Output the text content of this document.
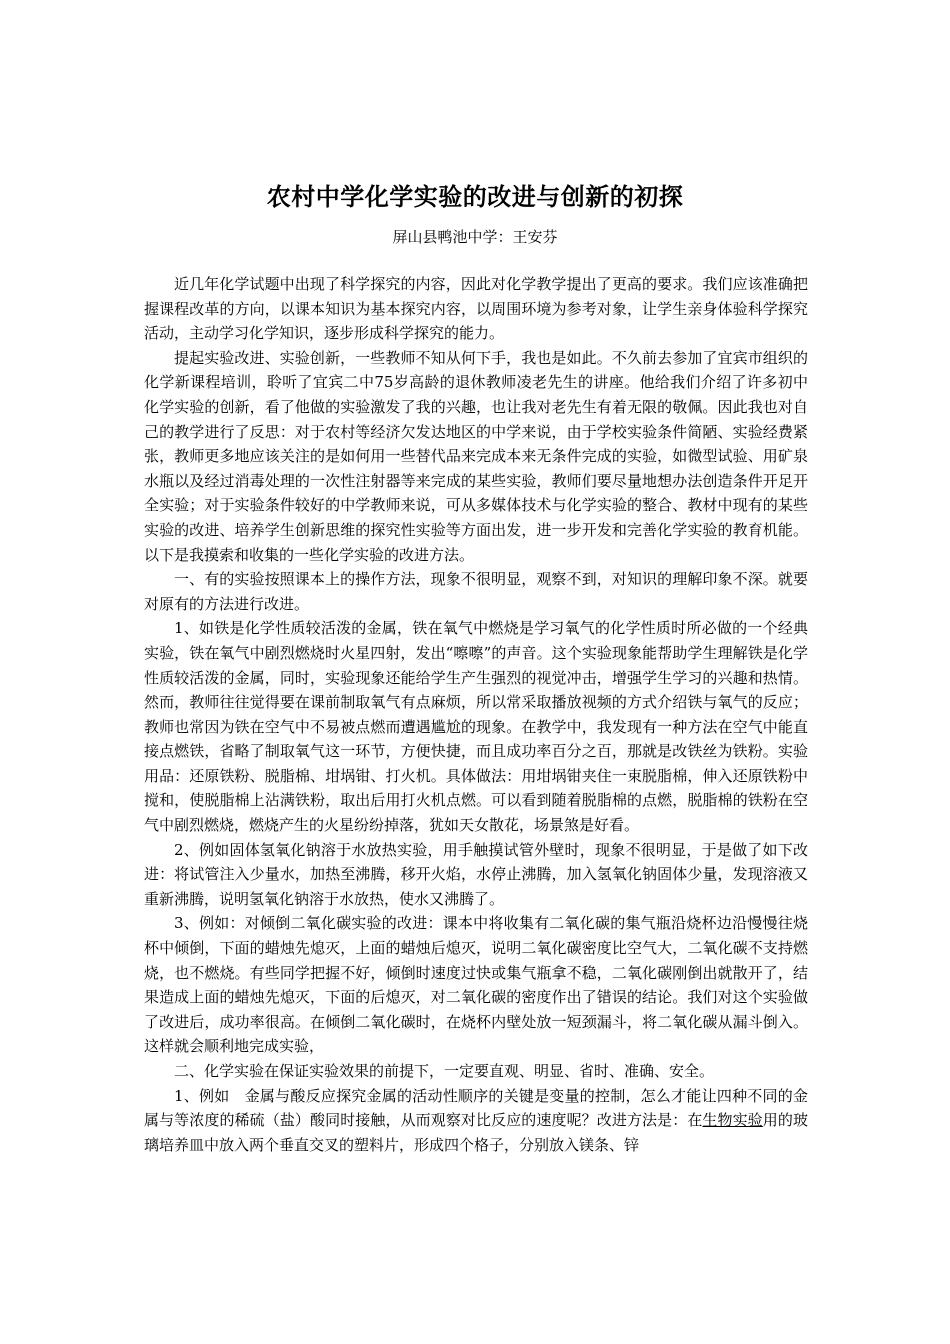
农村中学化学实验的改进与创新的初探
屏山县鸭池中学：王安芬

近几年化学试题中出现了科学探究的内容，因此对化学教学提出了更高的要求。我们应该准确把握课程改革的方向，以课本知识为基本探究内容，以周围环境为参考对象，让学生亲身体验科学探究活动，主动学习化学知识，逐步形成科学探究的能力。

提起实验改进、实验创新，一些教师不知从何下手，我也是如此。不久前去参加了宜宾市组织的化学新课程培训，聆听了宜宾二中75岁高龄的退休教师凌老先生的讲座。他给我们介绍了许多初中化学实验的创新，看了他做的实验激发了我的兴趣，也让我对老先生有着无限的敬佩。因此我也对自己的教学进行了反思：对于农村等经济欠发达地区的中学来说，由于学校实验条件简陋、实验经费紧张，教师更多地应该关注的是如何用一些替代品来完成本来无条件完成的实验，如微型试验、用矿泉水瓶以及经过消毒处理的一次性注射器等来完成的某些实验，教师们要尽量地想办法创造条件开足开全实验；对于实验条件较好的中学教师来说，可从多媒体技术与化学实验的整合、教材中现有的某些实验的改进、培养学生创新思维的探究性实验等方面出发，进一步开发和完善化学实验的教育机能。以下是我摸索和收集的一些化学实验的改进方法。

一、有的实验按照课本上的操作方法，现象不很明显，观察不到，对知识的理解印象不深。就要对原有的方法进行改进。

1、如铁是化学性质较活泼的金属，铁在氧气中燃烧是学习氧气的化学性质时所必做的一个经典实验，铁在氧气中剧烈燃烧时火星四射，发出“嚓嚓”的声音。这个实验现象能帮助学生理解铁是化学性质较活泼的金属，同时，实验现象还能给学生产生强烈的视觉冲击，增强学生学习的兴趣和热情。然而，教师往往觉得要在课前制取氧气有点麻烦，所以常采取播放视频的方式介绍铁与氧气的反应；教师也常因为铁在空气中不易被点燃而遭遇尴尬的现象。在教学中，我发现有一种方法在空气中能直接点燃铁，省略了制取氧气这一环节，方便快捷，而且成功率百分之百，那就是改铁丝为铁粉。实验用品：还原铁粉、脱脂棉、坩埚钳、打火机。具体做法：用坩埚钳夹住一束脱脂棉，伸入还原铁粉中搅和，使脱脂棉上沾满铁粉，取出后用打火机点燃。可以看到随着脱脂棉的点燃，脱脂棉的铁粉在空气中剧烈燃烧，燃烧产生的火星纷纷掉落，犹如天女散花，场景煞是好看。

2、例如固体氢氧化钠溶于水放热实验，用手触摸试管外壁时，现象不很明显，于是做了如下改进：将试管注入少量水，加热至沸腾，移开火焰，水停止沸腾，加入氢氧化钠固体少量，发现溶液又重新沸腾，说明氢氧化钠溶于水放热，使水又沸腾了。

3、例如：对倾倒二氧化碳实验的改进：课本中将收集有二氧化碳的集气瓶沿烧杯边沿慢慢往烧杯中倾倒，下面的蜡烛先熄灭，上面的蜡烛后熄灭，说明二氧化碳密度比空气大，二氧化碳不支持燃烧，也不燃烧。有些同学把握不好，倾倒时速度过快或集气瓶拿不稳，二氧化碳刚倒出就散开了，结果造成上面的蜡烛先熄灭，下面的后熄灭，对二氧化碳的密度作出了错误的结论。我们对这个实验做了改进后，成功率很高。在倾倒二氧化碳时，在烧杯内壁处放一短颈漏斗，将二氧化碳从漏斗倒入。这样就会顺利地完成实验，

二、化学实验在保证实验效果的前提下，一定要直观、明显、省时、准确、安全。

1、例如　金属与酸反应探究金属的活动性顺序的关键是变量的控制，怎么才能让四种不同的金属与等浓度的稀硫（盐）酸同时接触，从而观察对比反应的速度呢？改进方法是：在生物实验用的玻璃培养皿中放入两个垂直交叉的塑料片，形成四个格子，分别放入镁条、锌
